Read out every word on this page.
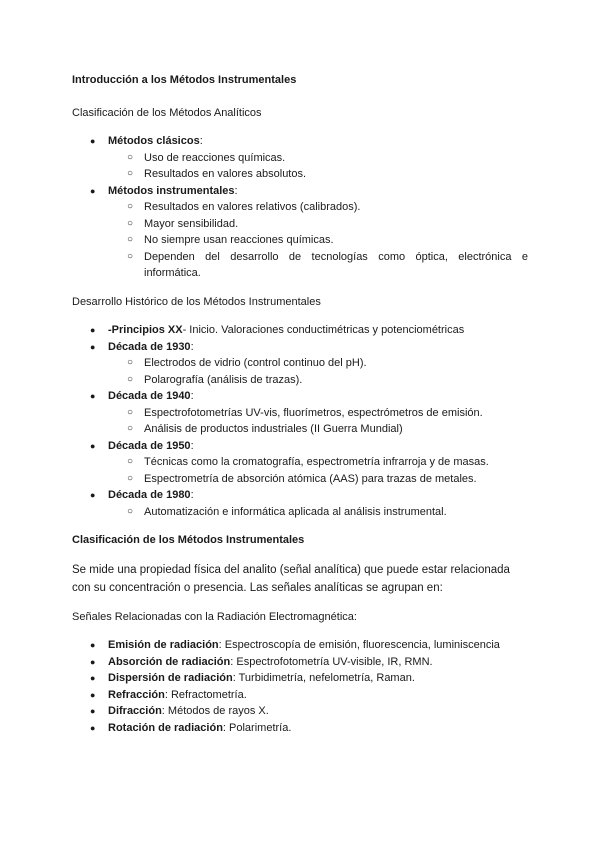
Introducción a los Métodos Instrumentales

Clasificación de los Métodos Analíticos

●	Métodos clásicos:
○ Uso de reacciones químicas.
○ Resultados en valores absolutos.
●	Métodos instrumentales:
○ Resultados en valores relativos (calibrados).
○ Mayor sensibilidad.
○ No siempre usan reacciones químicas.
○ Dependen del desarrollo de tecnologías como óptica, electrónica e informática.

Desarrollo Histórico de los Métodos Instrumentales

●	-Principios XX- Inicio. Valoraciones conductimétricas y potenciométricas
●	Década de 1930:
○ Electrodos de vidrio (control continuo del pH).
○ Polarografía (análisis de trazas).
●	Década de 1940:
○ Espectrofotometrías UV-vis, fluorímetros, espectrómetros de emisión.
○ Análisis de productos industriales (II Guerra Mundial)
●	Década de 1950:
○ Técnicas como la cromatografía, espectrometría infrarroja y de masas.
○ Espectrometría de absorción atómica (AAS) para trazas de metales.
●	Década de 1980:
○ Automatización e informática aplicada al análisis instrumental.

Clasificación de los Métodos Instrumentales

Se mide una propiedad física del analito (señal analítica) que puede estar relacionada con su concentración o presencia. Las señales analíticas se agrupan en:

Señales Relacionadas con la Radiación Electromagnética:

●	Emisión de radiación: Espectroscopía de emisión, fluorescencia, luminiscencia
●	Absorción de radiación: Espectrofotometría UV-visible, IR, RMN.
●	Dispersión de radiación: Turbidimetría, nefelometría, Raman.
●	Refracción: Refractometría.
●	Difracción: Métodos de rayos X.
●	Rotación de radiación: Polarimetría.
